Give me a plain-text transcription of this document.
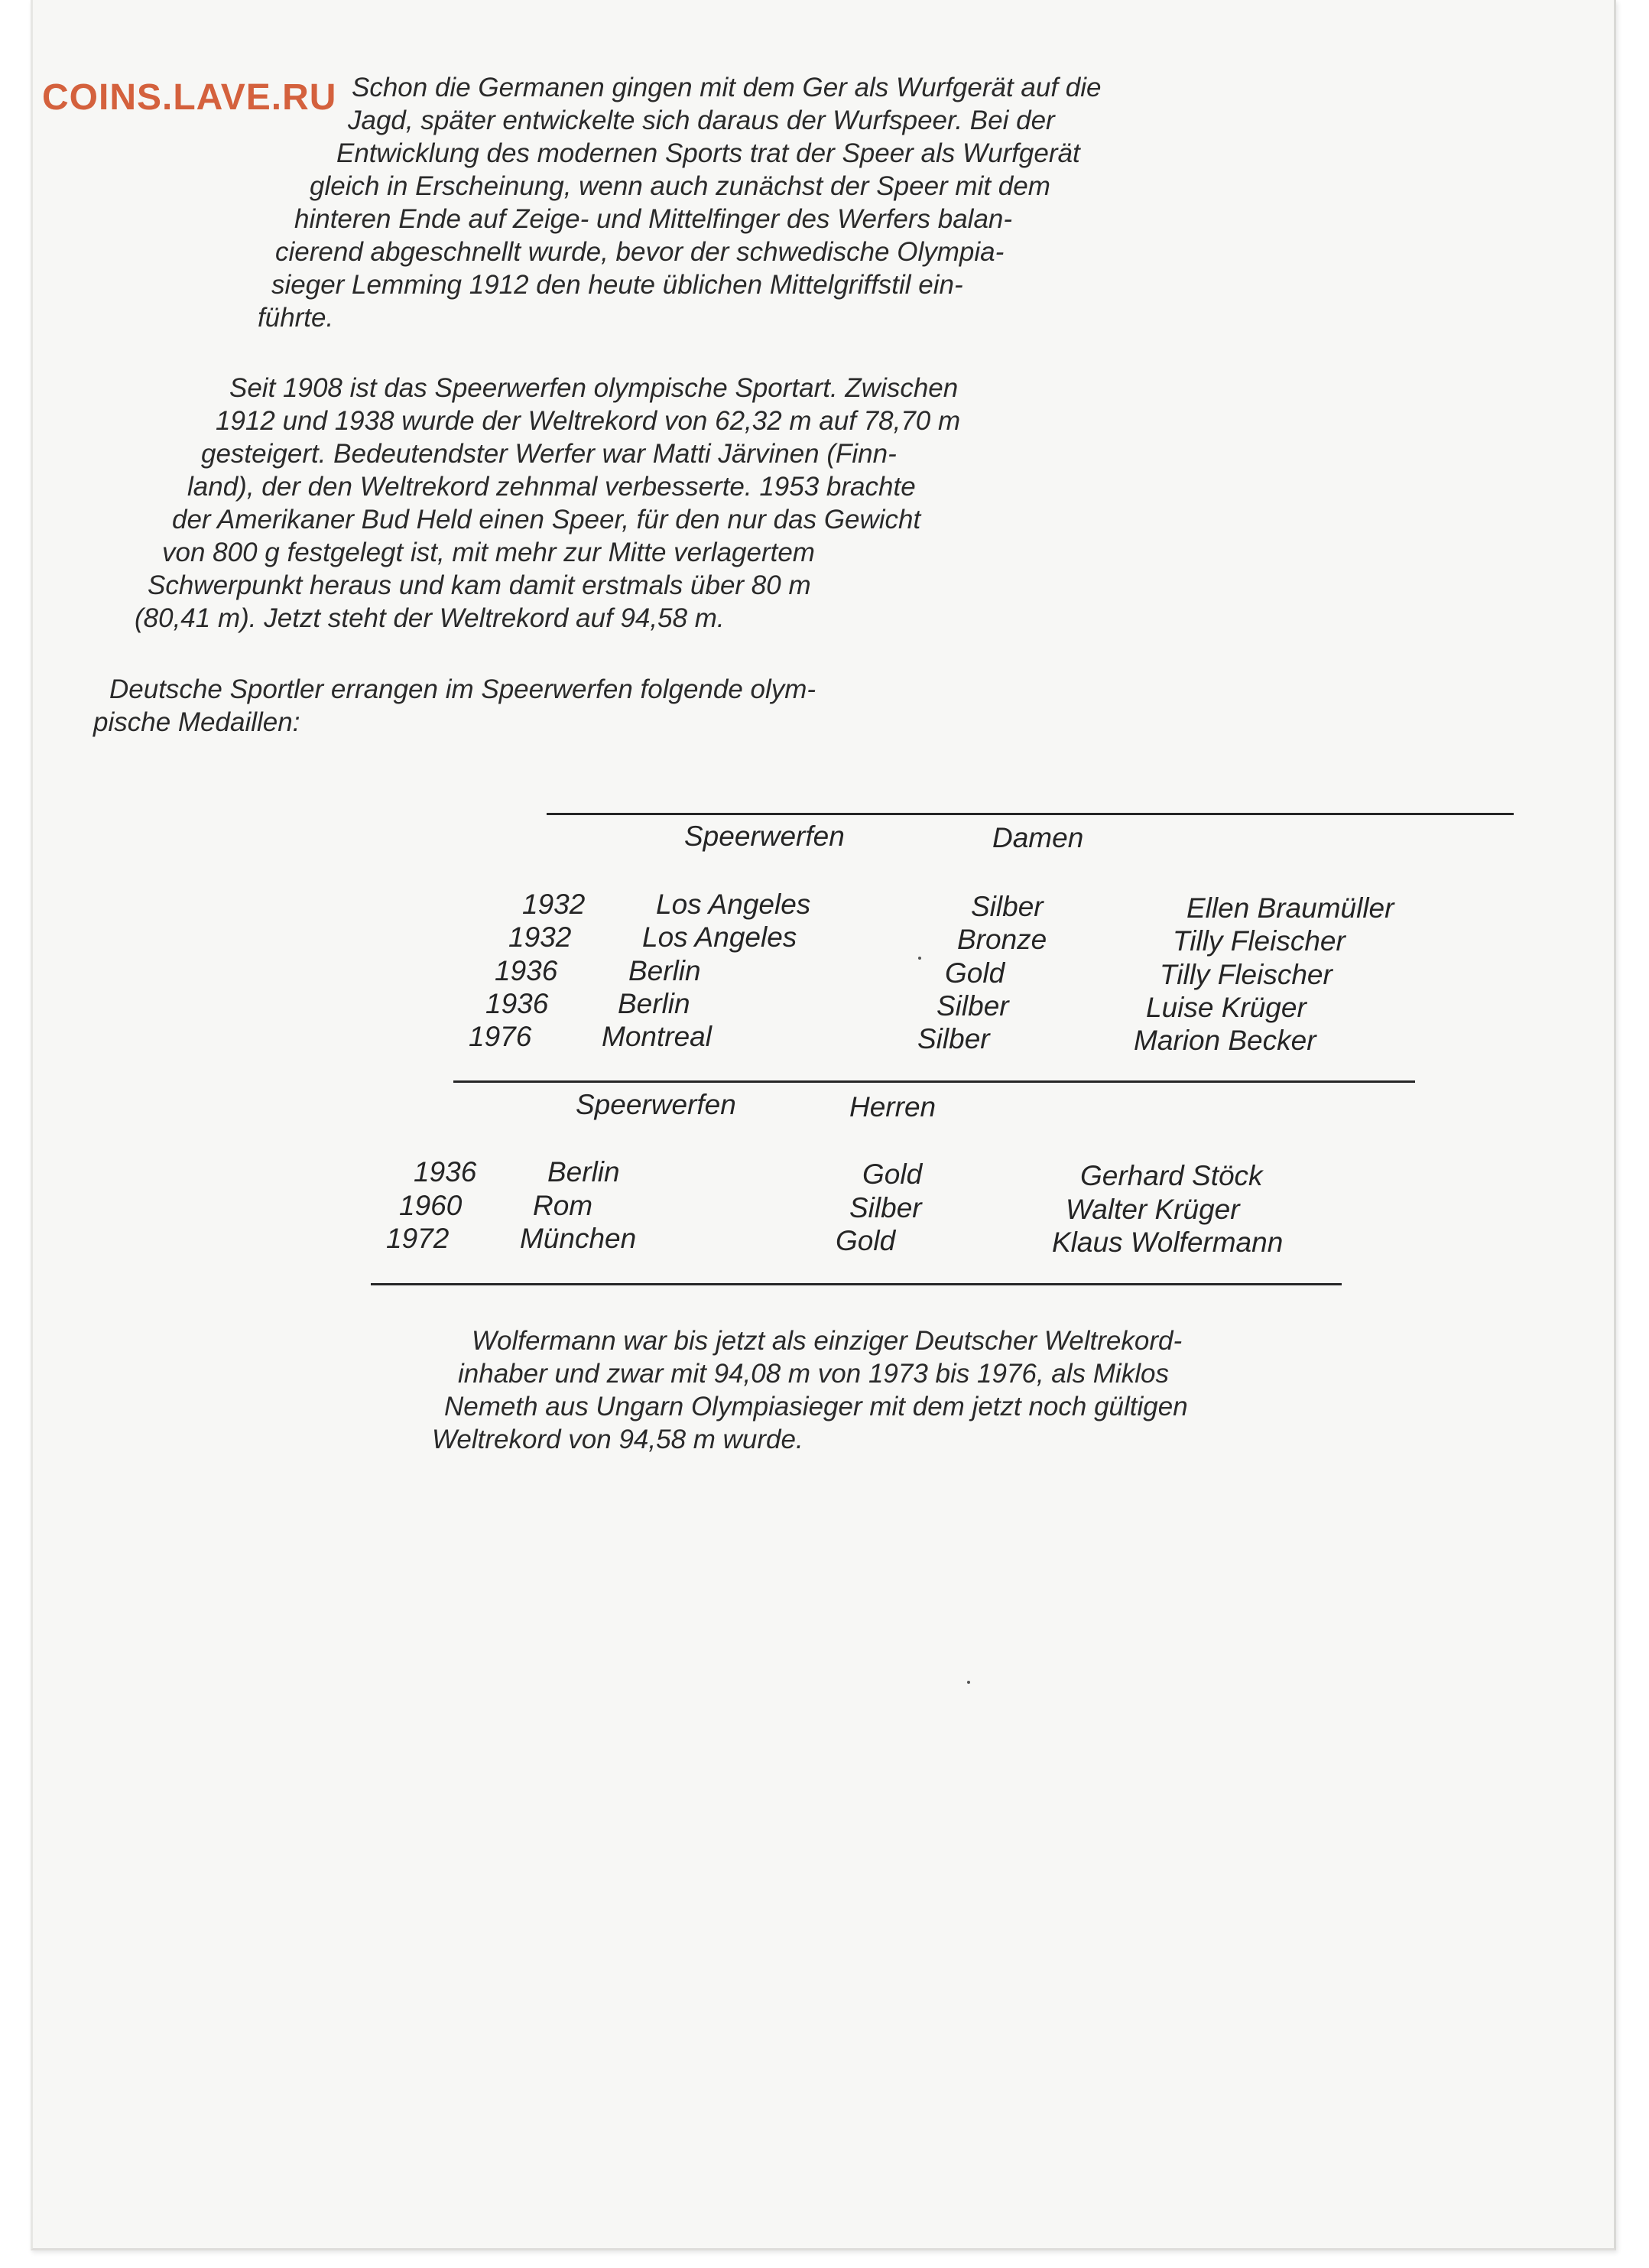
COINS.LAVE.RU Schon die Germanen gingen mit dem Ger als Wurfgerät auf die

Jagd, später entwickelte sich daraus der Wurfspeer. Bei der

Entwicklung des modernen Sports trat der Speer als Wurfgerät

gleich in Erscheinung, wenn auch zunächst der Speer mit dem

hinteren Ende auf Zeige- und Mittelfinger des Werfers balan-

cierend abgeschnellt wurde, bevor der schwedische Olympia-

sieger Lemming 1912 den heute üblichen Mittelgriffstil ein-

führte.

Seit 1908 ist das Speerwerfen olympische Sportart. Zwischen

1912 und 1938 wurde der Weltrekord von 62,32 m auf 78,70 m

gesteigert. Bedeutendster Werfer war Matti Järvinen (Finn-

land), der den Weltrekord zehnmal verbesserte. 1953 brachte

der Amerikaner Bud Held einen Speer, für den nur das Gewicht

von 800 g festgelegt ist, mit mehr zur Mitte verlagertem

Schwerpunkt heraus und kam damit erstmals über 80 m

(80,41 m). Jetzt steht der Weltrekord auf 94,58 m.

Deutsche Sportler errangen im Speerwerfen folgende olym-

pische Medaillen:

Speerwerfen	Damen

1932	Los Angeles	Silber	Ellen Braumüller

1932	Los Angeles	Bronze	Tilly Fleischer

1936	Berlin	Gold	Tilly Fleischer

1936 Berlin	Silber	Luise Krüger

1976 Montreal	Silber	Marion Becker

Speerwerfen	Herren

1936	Berlin	Gold	Gerhard Stöck

1960	Rom	Silber	Walter Krüger

1972	München	Gold	Klaus Wolfermann

Wolfermann war bis jetzt als einziger Deutscher Weltrekord-

inhaber und zwar mit 94,08 m von 1973 bis 1976, als Miklos

Nemeth aus Ungarn Olympiasieger mit dem jetzt noch gültigen

Weltrekord von 94,58 m wurde.
